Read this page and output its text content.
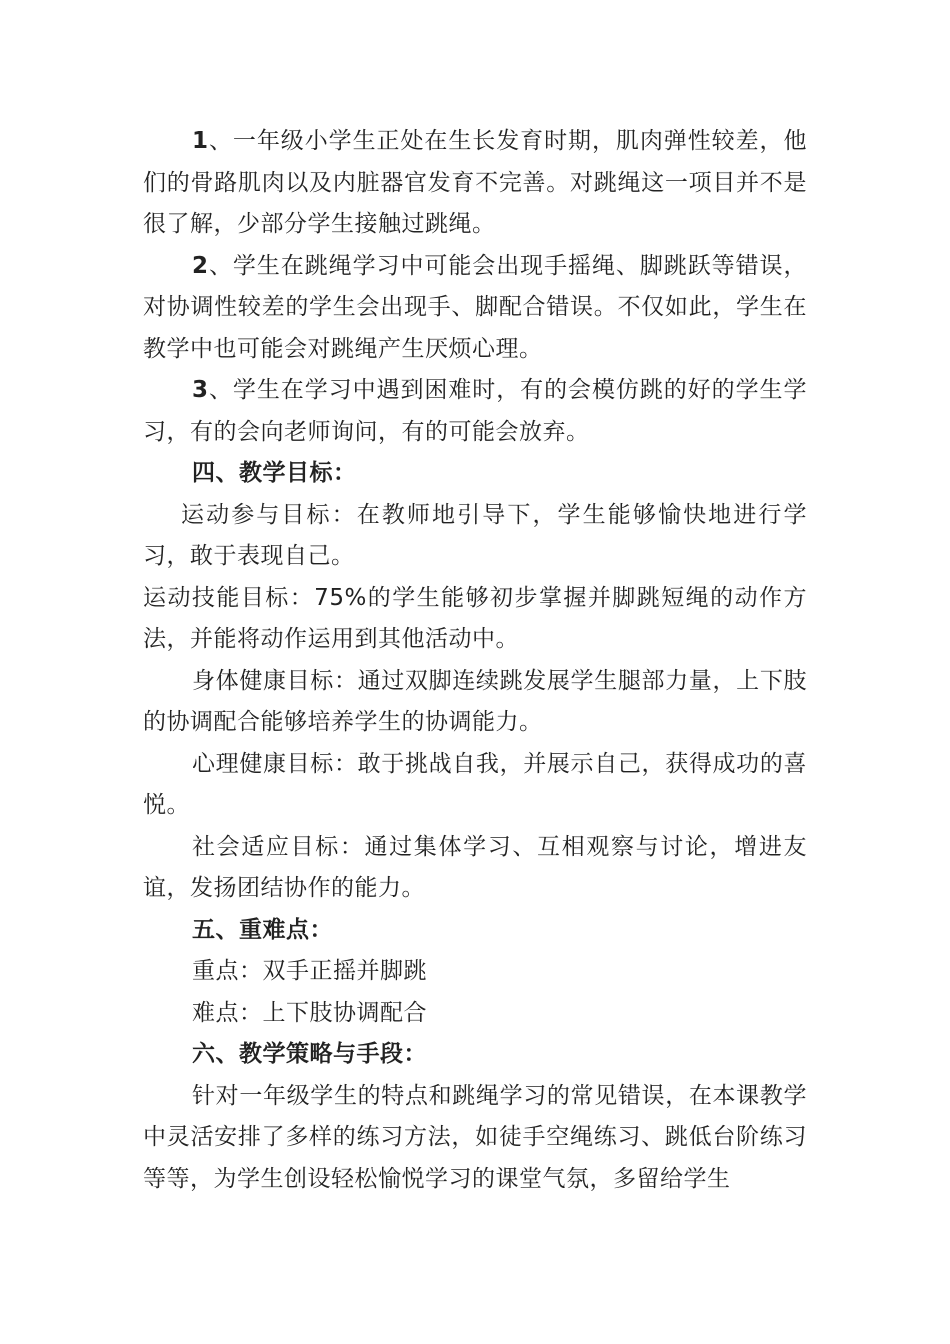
1、一年级小学生正处在生长发育时期，肌肉弹性较差，他们的骨路肌肉以及内脏器官发育不完善。对跳绳这一项目并不是很了解，少部分学生接触过跳绳。

2、学生在跳绳学习中可能会出现手摇绳、脚跳跃等错误，对协调性较差的学生会出现手、脚配合错误。不仅如此，学生在教学中也可能会对跳绳产生厌烦心理。

3、学生在学习中遇到困难时，有的会模仿跳的好的学生学习，有的会向老师询问，有的可能会放弃。

四、教学目标：

运动参与目标：在教师地引导下，学生能够愉快地进行学习，敢于表现自己。

运动技能目标：75%的学生能够初步掌握并脚跳短绳的动作方法，并能将动作运用到其他活动中。

身体健康目标：通过双脚连续跳发展学生腿部力量，上下肢的协调配合能够培养学生的协调能力。

心理健康目标：敢于挑战自我，并展示自己，获得成功的喜悦。

社会适应目标：通过集体学习、互相观察与讨论，增进友谊，发扬团结协作的能力。

五、重难点：

重点：双手正摇并脚跳

难点：上下肢协调配合

六、教学策略与手段：

针对一年级学生的特点和跳绳学习的常见错误，在本课教学中灵活安排了多样的练习方法，如徒手空绳练习、跳低台阶练习等等，为学生创设轻松愉悦学习的课堂气氛，多留给学生
